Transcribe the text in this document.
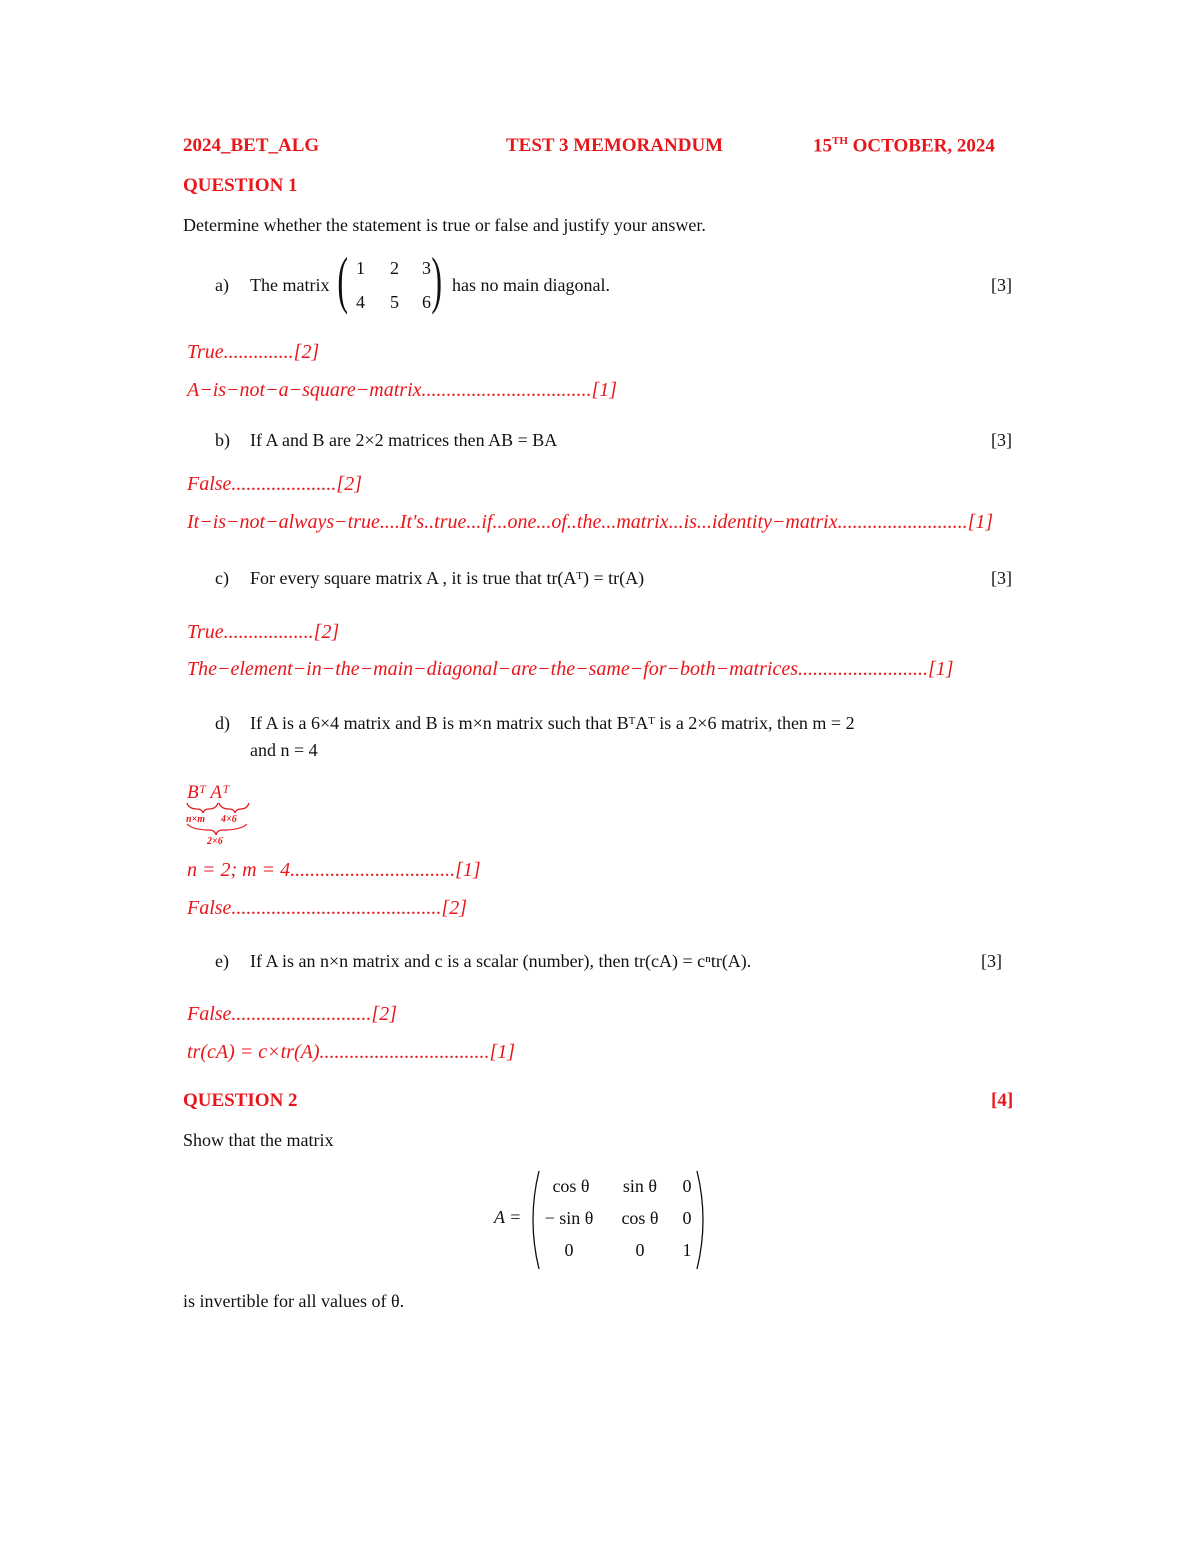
2024_BET_ALG	TEST 3 MEMORANDUM	15TH OCTOBER, 2024
QUESTION 1
Determine whether the statement is true or false and justify your answer.
a) The matrix ( )
1 2 3
4 5 6
has no main diagonal.	[3]
True..............[2]
A−is−not−a−square−matrix..................................[1]
b) If A and B are 2×2 matrices then AB = BA	[3]
False.....................[2]
It−is−not−always−true....It's..true...if...one...of..the...matrix...is...identity−matrix..........................[1]
c) For every square matrix A , it is true that tr(Aᵀ) = tr(A)	[3]
True..................[2]
The−element−in−the−main−diagonal−are−the−same−for−both−matrices..........................[1]
d) If A is a 6×4 matrix and B is m×n matrix such that BᵀAᵀ is a 2×6 matrix, then m = 2
and n = 4
Bᵀ Aᵀ
n×m 4×6
2×6
n = 2; m = 4.................................[1]
False..........................................[2]
e) If A is an n×n matrix and c is a scalar (number), then tr(cA) = cⁿtr(A).	[3]
False............................[2]
tr(cA) = c×tr(A)..................................[1]
QUESTION 2	[4]
Show that the matrix
A =
cos θ	sin θ	0
− sin θ	cos θ	0
0	0	1
is invertible for all values of θ.
